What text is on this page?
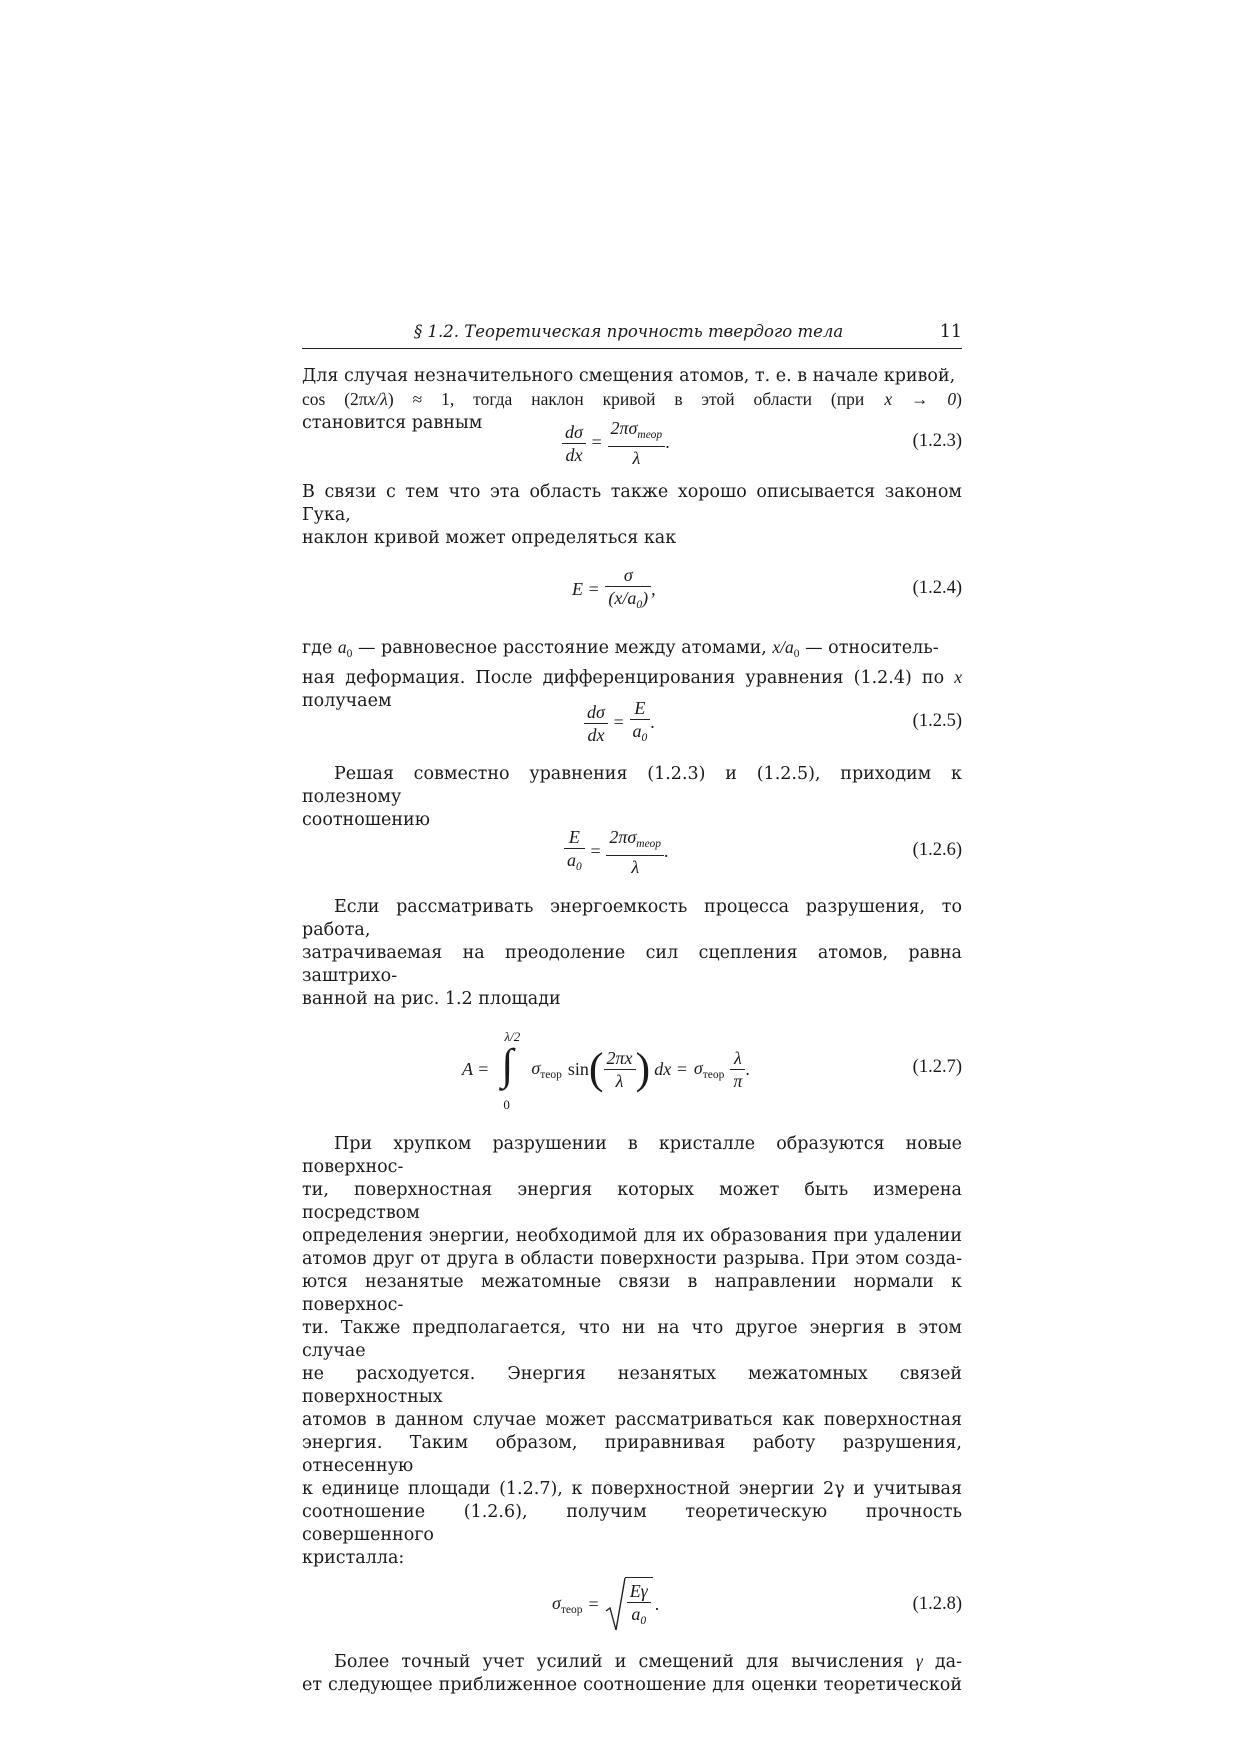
§ 1.2. Теоретическая прочность твердого тела	11

Для случая незначительного смещения атомов, т. е. в начале кривой,

cos (2πx/λ) ≈ 1, тогда наклон кривой в этой области (при x → 0)

становится равным	$\frac{d\sigma}{dx} = \frac{2\pi\sigma_{теор}}{\lambda}$ .	(1.2.3)

В связи с тем что эта область также хорошо описывается законом Гука,

наклон кривой может определяться как

$E = \frac{\sigma}{(x/a_0)}$ ,	(1.2.4)

где $a_0$ — равновесное расстояние между атомами, $x/a_0$ — относитель-

ная деформация. После дифференцирования уравнения (1.2.4) по x

получаем	$\frac{d\sigma}{dx} = \frac{E}{a_0}$ .	(1.2.5)

Решая совместно уравнения (1.2.3) и (1.2.5), приходим к полезному

соотношению

$\frac{E}{a_0} = \frac{2\pi\sigma_{теор}}{\lambda}$ .	(1.2.6)

Если рассматривать энергоемкость процесса разрушения, то работа,

затрачиваемая на преодоление сил сцепления атомов, равна заштрихо-

ванной на рис. 1.2 площади

A =
λ/2
∫
0
$\sigma_{теор}$ sin ( $\frac{2\pi x}{\lambda}$ ) dx = $\sigma_{теор} \frac{\lambda}{\pi}$ .	(1.2.7)

При хрупком разрушении в кристалле образуются новые поверхнос-

ти, поверхностная энергия которых может быть измерена посредством

определения энергии, необходимой для их образования при удалении

атомов друг от друга в области поверхности разрыва. При этом созда-

ются незанятые межатомные связи в направлении нормали к поверхнос-

ти. Также предполагается, что ни на что другое энергия в этом случае

не расходуется. Энергия незанятых межатомных связей поверхностных

атомов в данном случае может рассматриваться как поверхностная

энергия. Таким образом, приравнивая работу разрушения, отнесенную

к единице площади (1.2.7), к поверхностной энергии 2γ и учитывая

соотношение (1.2.6), получим теоретическую прочность совершенного

кристалла:

$\sigma_{теор} = \frac{E\gamma}{a_0}$ .	(1.2.8)

Более точный учет усилий и смещений для вычисления γ да-

ет следующее приближенное соотношение для оценки теоретической
